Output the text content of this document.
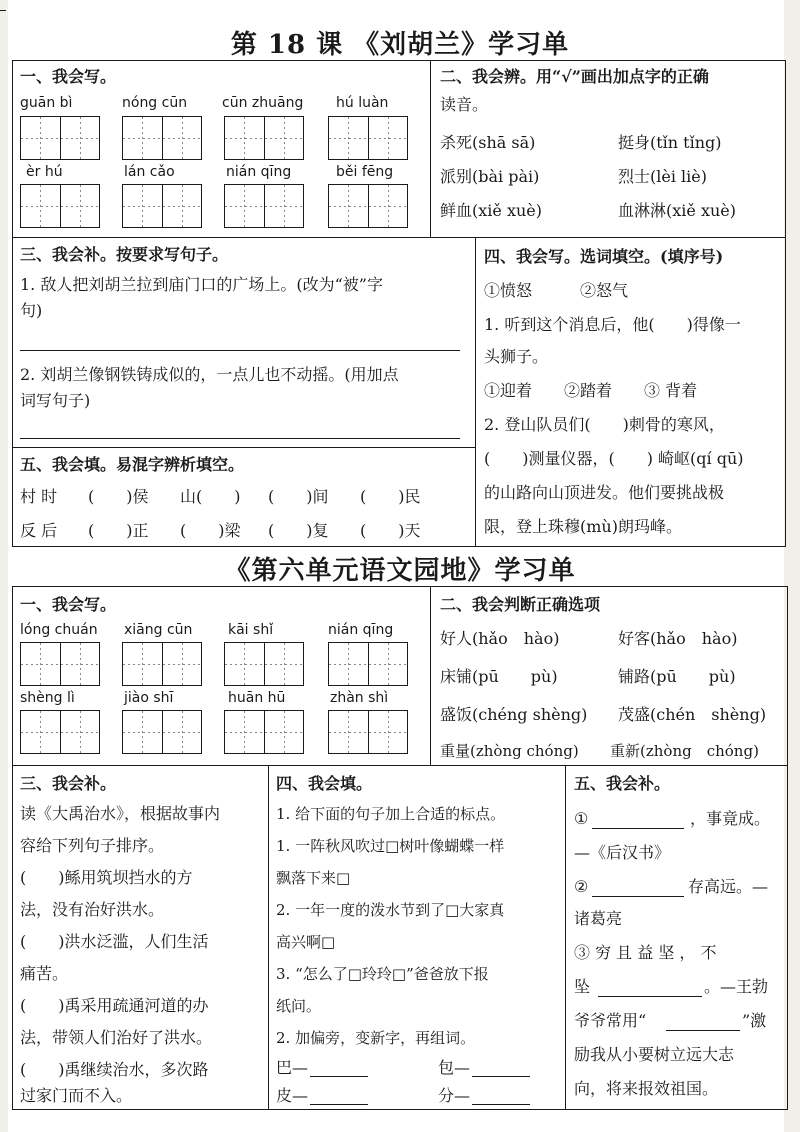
第 18 课 《刘胡兰》学习单
一、我会写。
guān bì	nóng cūn cūn zhuāng hú luàn
èr hú	lán cǎo	nián qīng	běi fēng
二、我会辨。用“√”画出加点字的正确
读音。
杀死(shā sā)	挺身(tǐn tǐng)
派别(bài pài)	烈士(lèi liè)
鲜血(xiě xuè)	血淋淋(xiě xuè)
三、我会补。按要求写句子。
1. 敌人把刘胡兰拉到庙门口的广场上。(改为“被”字
句)
2. 刘胡兰像钢铁铸成似的，一点儿也不动摇。(用加点
词写句子)
四、我会写。选词填空。(填序号)
①愤怒　　　②怒气
1. 听到这个消息后，他(　　)得像一
头狮子。
①迎着　　②踏着　　③ 背着
2. 登山队员们(　　)刺骨的寒风，
(　　)测量仪器，(　　) 崎岖(qí qū)
的山路向山顶进发。他们要挑战极
限，登上珠穆(mù)朗玛峰。
五、我会填。易混字辨析填空。
村 时 (　　)侯 山(　　) (　　)间 (　　)民
反 后 (　　)正 (　　)梁 (　　)复 (　　)天
《第六单元语文园地》学习单
一、我会写。
lóng chuán xiāng cūn	kāi shǐ	nián qīng
shèng lì	jiào shī	huān hū	zhàn shì
二、我会判断正确选项
好人(hǎo　hào)	好客(hǎo　hào)
床铺(pū　　pù)	铺路(pū　　pù)
盛饭(chéng shèng) 茂盛(chén　shèng)
重量(zhòng chóng) 重新(zhòng　chóng)
三、我会补。
读《大禹治水》，根据故事内
容给下列句子排序。
(　　)鲧用筑坝挡水的方
法，没有治好洪水。
(　　)洪水泛滥，人们生活
痛苦。
(　　)禹采用疏通河道的办
法，带领人们治好了洪水。
(　　)禹继续治水，多次路
过家门而不入。
四、我会填。
1. 给下面的句子加上合适的标点。
1. 一阵秋风吹过□树叶像蝴蝶一样
飘落下来□
2. 一年一度的泼水节到了□大家真
高兴啊□
3. “怎么了□玲玲□”爸爸放下报
纸问。
2. 加偏旁，变新字，再组词。
巴—	包—
皮—	分—
五、我会补。
①	，事竟成。
—《后汉书》
②	存高远。—
诸葛亮
③ 穷 且 益 坚 ， 不
坠	。—王勃
爷爷常用“	”激
励我从小要树立远大志
向，将来报效祖国。
